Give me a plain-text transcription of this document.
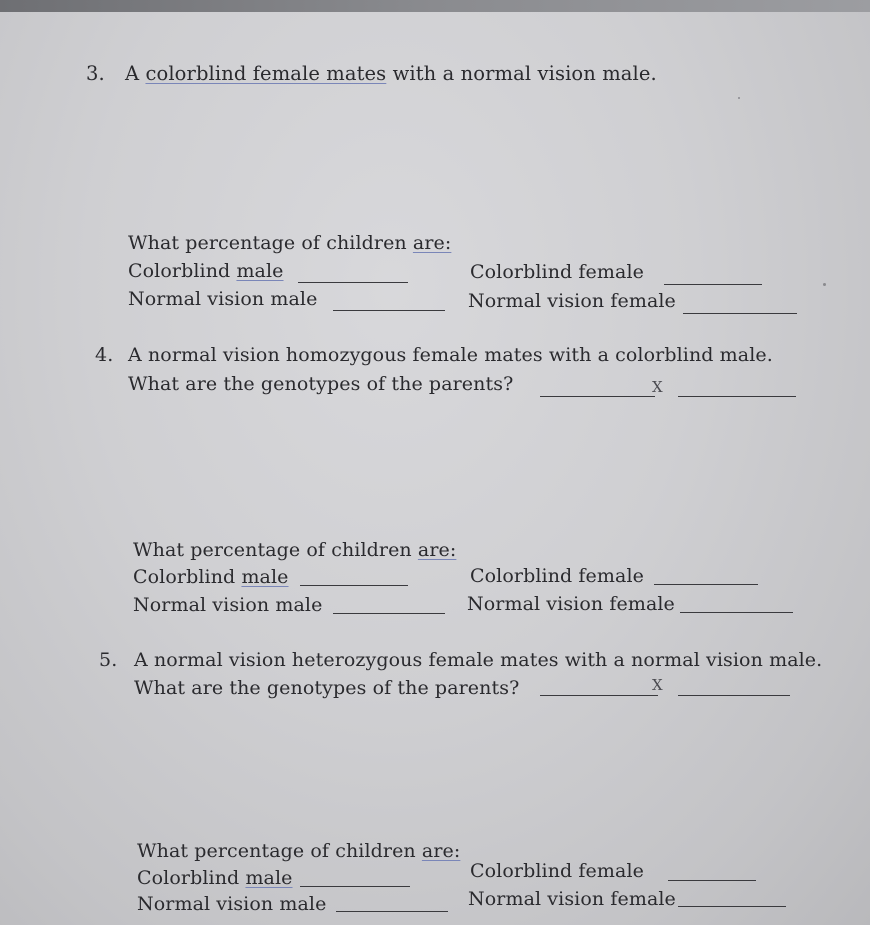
3. A colorblind female mates with a normal vision male.
What percentage of children are:
Colorblind male
Normal vision male
Colorblind female
Normal vision female
4. A normal vision homozygous female mates with a colorblind male.
What are the genotypes of the parents?	X
What percentage of children are:
Colorblind male
Normal vision male
Colorblind female
Normal vision female
5. A normal vision heterozygous female mates with a normal vision male.
What are the genotypes of the parents?	X
What percentage of children are:
Colorblind male
Normal vision male
Colorblind female
Normal vision female
